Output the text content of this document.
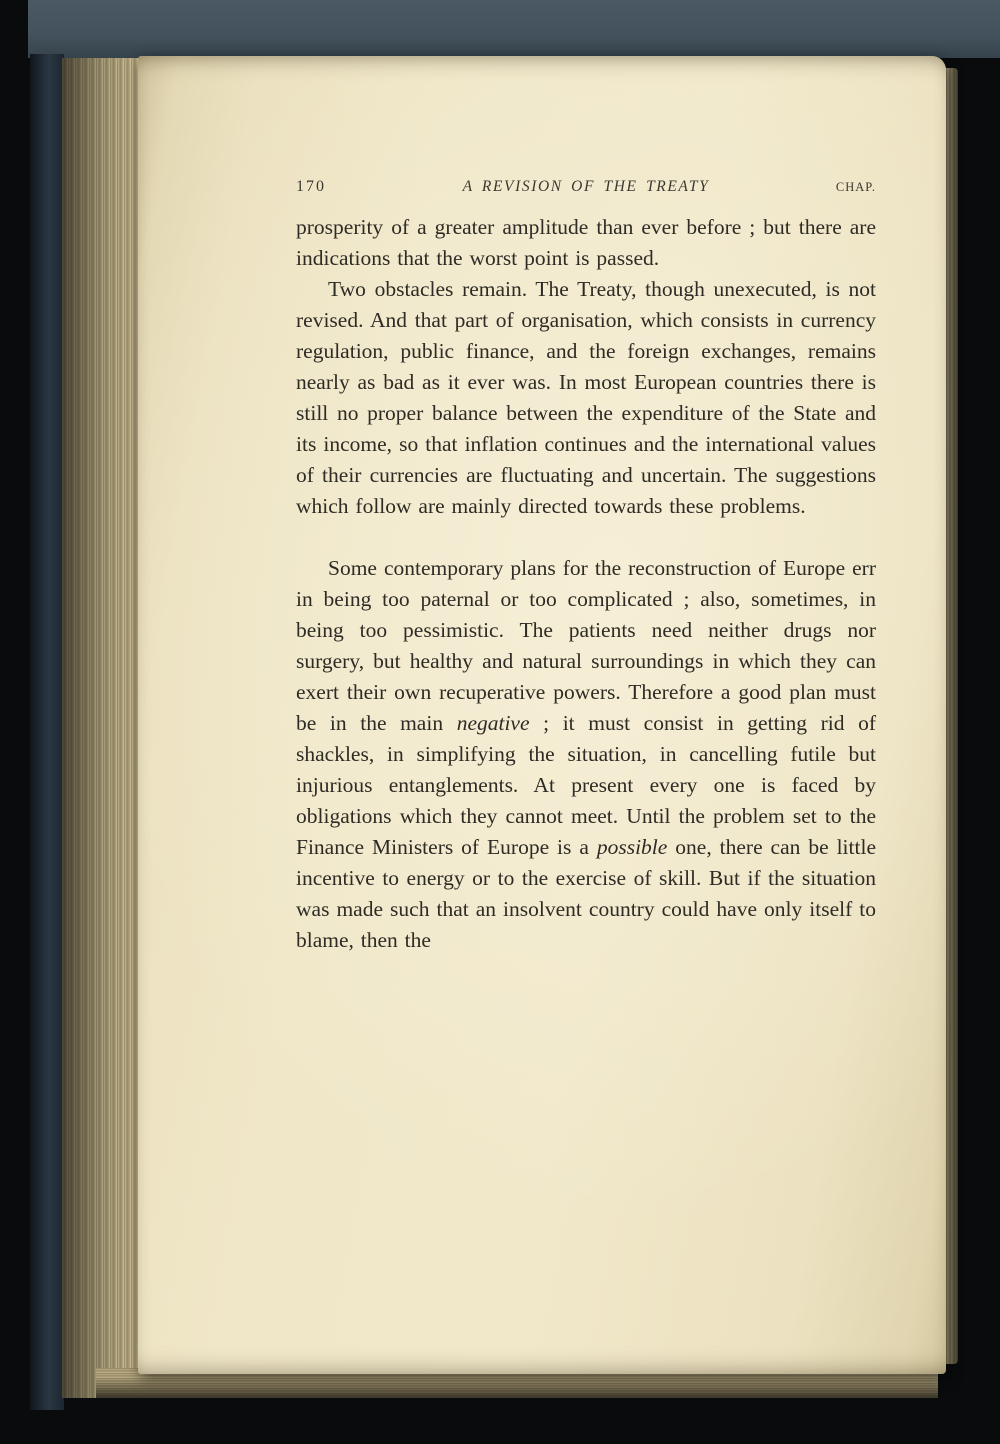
170	A REVISION OF THE TREATY	CHAP.

prosperity of a greater amplitude than ever before ; but there are indications that the worst point is passed.

Two obstacles remain. The Treaty, though unexecuted, is not revised. And that part of organisation, which consists in currency regulation, public finance, and the foreign exchanges, remains nearly as bad as it ever was. In most European countries there is still no proper balance between the expenditure of the State and its income, so that inflation continues and the international values of their currencies are fluctuating and uncertain. The suggestions which follow are mainly directed towards these problems.

Some contemporary plans for the reconstruction of Europe err in being too paternal or too complicated ; also, sometimes, in being too pessimistic. The patients need neither drugs nor surgery, but healthy and natural surroundings in which they can exert their own recuperative powers. Therefore a good plan must be in the main negative ; it must consist in getting rid of shackles, in simplifying the situation, in cancelling futile but injurious entanglements. At present every one is faced by obligations which they cannot meet. Until the problem set to the Finance Ministers of Europe is a possible one, there can be little incentive to energy or to the exercise of skill. But if the situation was made such that an insolvent country could have only itself to blame, then the
